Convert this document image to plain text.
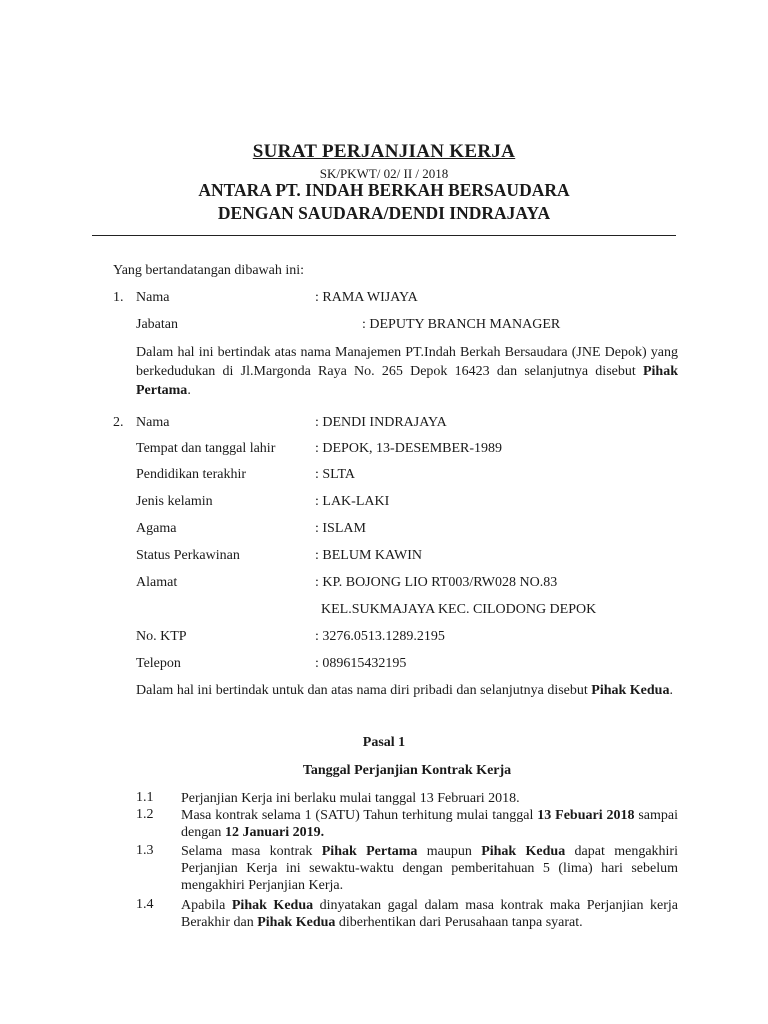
SURAT PERJANJIAN KERJA
SK/PKWT/ 02/ II / 2018
ANTARA PT. INDAH BERKAH BERSAUDARA
DENGAN SAUDARA/DENDI INDRAJAYA
Yang bertandatangan dibawah ini:
1. Nama	: RAMA WIJAYA
Jabatan	: DEPUTY BRANCH MANAGER
Dalam hal ini bertindak atas nama Manajemen PT.Indah Berkah Bersaudara (JNE Depok) yang berkedudukan di Jl.Margonda Raya No. 265 Depok 16423 dan selanjutnya disebut Pihak Pertama.
2. Nama	: DENDI INDRAJAYA
Tempat dan tanggal lahir	: DEPOK, 13-DESEMBER-1989
Pendidikan terakhir	: SLTA
Jenis kelamin	: LAK-LAKI
Agama	: ISLAM
Status Perkawinan	: BELUM KAWIN
Alamat	: KP. BOJONG LIO RT003/RW028 NO.83
KEL.SUKMAJAYA KEC. CILODONG DEPOK
No. KTP	: 3276.0513.1289.2195
Telepon	: 089615432195
Dalam hal ini bertindak untuk dan atas nama diri pribadi dan selanjutnya disebut Pihak Kedua.
Pasal 1
Tanggal Perjanjian Kontrak Kerja
1.1 Perjanjian Kerja ini berlaku mulai tanggal 13 Februari 2018.
1.2 Masa kontrak selama 1 (SATU) Tahun terhitung mulai tanggal 13 Febuari 2018 sampai dengan 12 Januari 2019.
1.3 Selama masa kontrak Pihak Pertama maupun Pihak Kedua dapat mengakhiri Perjanjian Kerja ini sewaktu-waktu dengan pemberitahuan 5 (lima) hari sebelum mengakhiri Perjanjian Kerja.
1.4 Apabila Pihak Kedua dinyatakan gagal dalam masa kontrak maka Perjanjian kerja Berakhir dan Pihak Kedua diberhentikan dari Perusahaan tanpa syarat.
